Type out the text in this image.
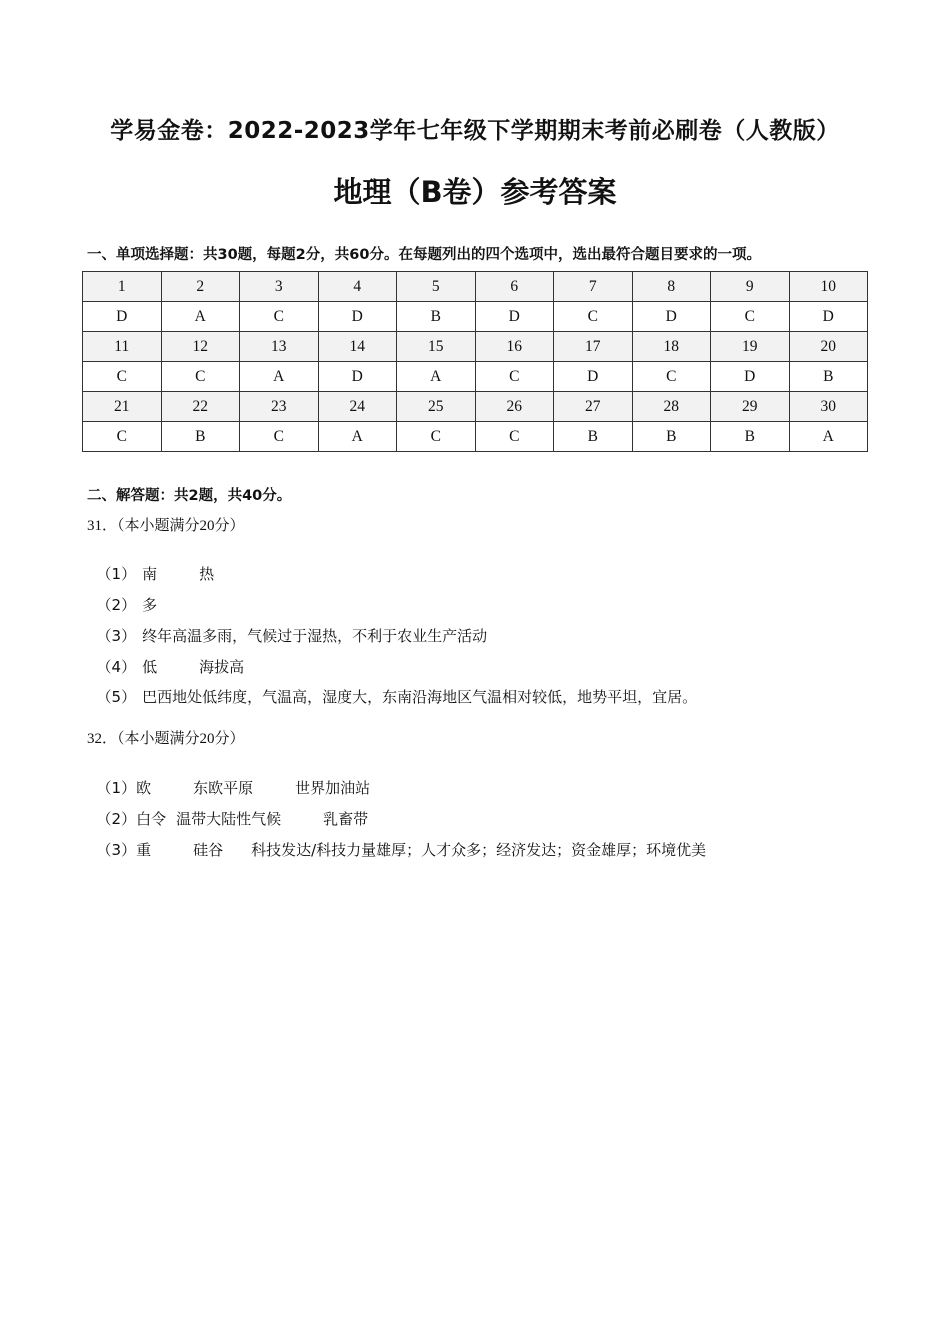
学易金卷：2022-2023学年七年级下学期期末考前必刷卷（人教版）
地理（B卷）参考答案
一、单项选择题：共30题，每题2分，共60分。在每题列出的四个选项中，选出最符合题目要求的一项。
1	2	3	4	5	6	7	8	9	10
D	A	C	D	B	D	C	D	C	D
11	12	13	14	15	16	17	18	19	20
C	C	A	D	A	C	D	C	D	B
21	22	23	24	25	26	27	28	29	30
C	B	C	A	C	C	B	B	B	A
二、解答题：共2题，共40分。
31．（本小题满分20分）

（1） 南	热

（2） 多

（3） 终年高温多雨，气候过于湿热，不利于农业生产活动

（4） 低	海拔高

（5） 巴西地处低纬度，气温高，湿度大，东南沿海地区气温相对较低，地势平坦，宜居。

32．（本小题满分20分）

（1）欧	东欧平原	世界加油站

（2）白令 温带大陆性气候	乳畜带

（3）重	硅谷 科技发达/科技力量雄厚；人才众多；经济发达；资金雄厚；环境优美
